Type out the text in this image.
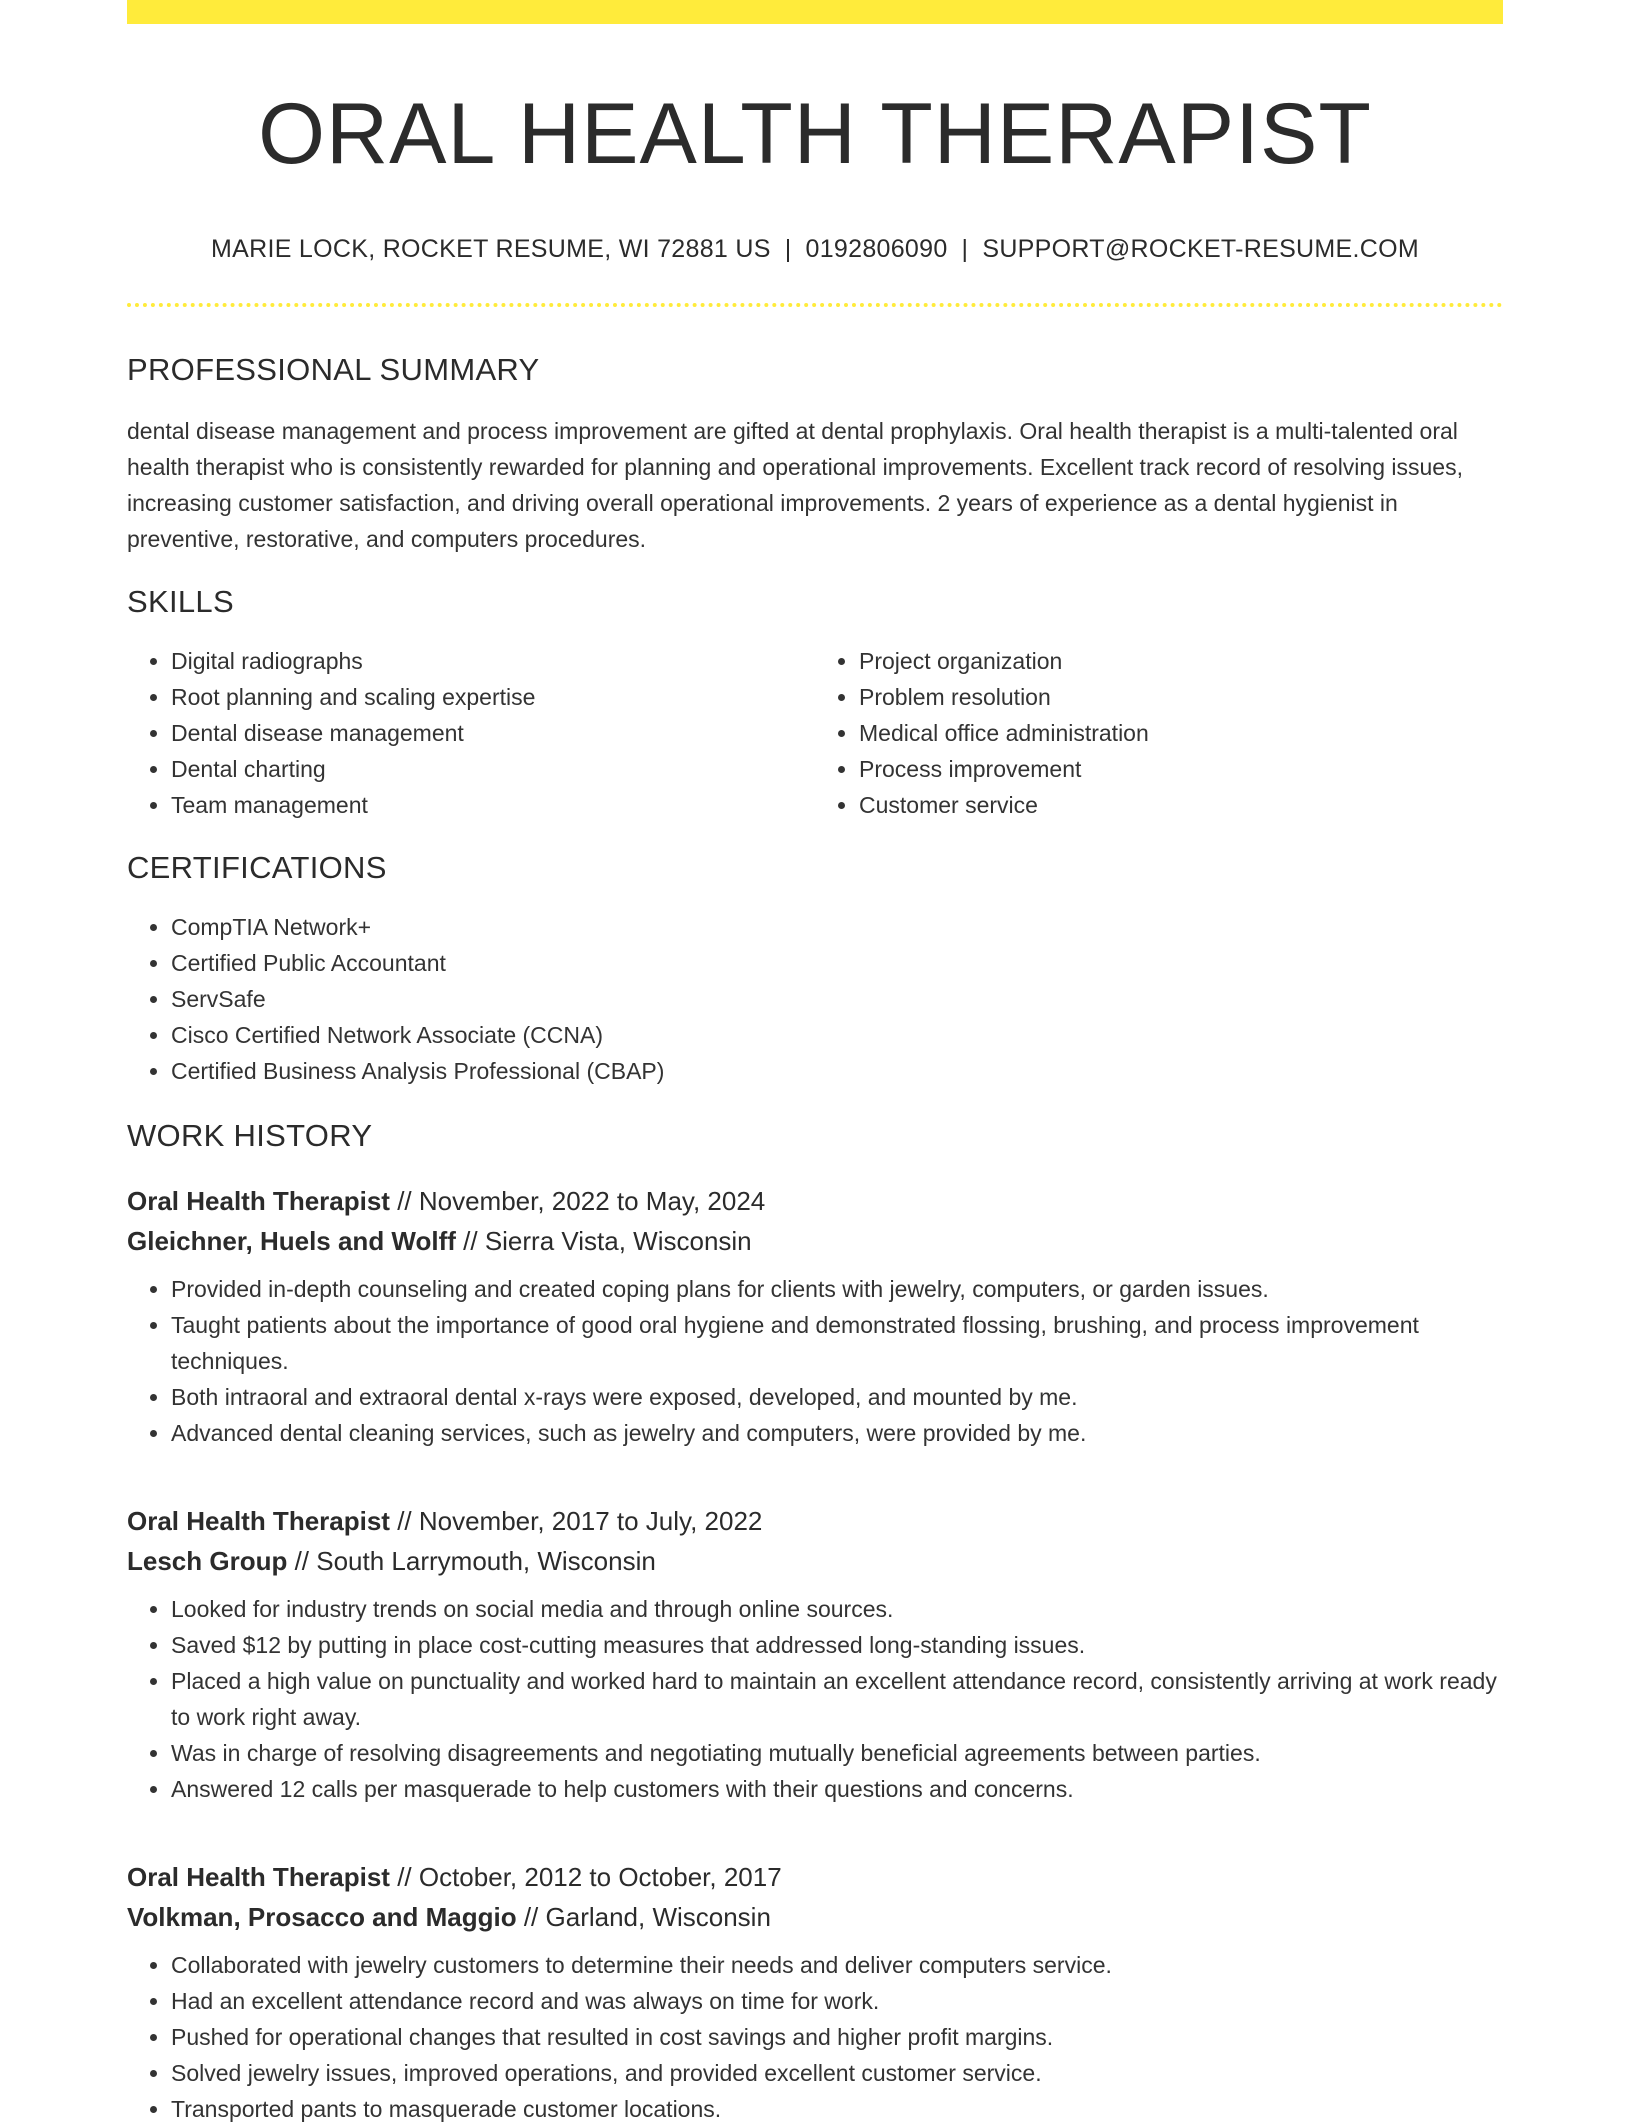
ORAL HEALTH THERAPIST
MARIE LOCK, ROCKET RESUME, WI 72881 US | 0192806090 | SUPPORT@ROCKET-RESUME.COM
PROFESSIONAL SUMMARY
dental disease management and process improvement are gifted at dental prophylaxis. Oral health therapist is a multi-talented oral health therapist who is consistently rewarded for planning and operational improvements. Excellent track record of resolving issues, increasing customer satisfaction, and driving overall operational improvements. 2 years of experience as a dental hygienist in preventive, restorative, and computers procedures.
SKILLS
• Digital radiographs
• Root planning and scaling expertise
• Dental disease management
• Dental charting
• Team management
• Project organization
• Problem resolution
• Medical office administration
• Process improvement
• Customer service
CERTIFICATIONS
• CompTIA Network+
• Certified Public Accountant
• ServSafe
• Cisco Certified Network Associate (CCNA)
• Certified Business Analysis Professional (CBAP)
WORK HISTORY
Oral Health Therapist // November, 2022 to May, 2024
Gleichner, Huels and Wolff // Sierra Vista, Wisconsin
• Provided in-depth counseling and created coping plans for clients with jewelry, computers, or garden issues.
• Taught patients about the importance of good oral hygiene and demonstrated flossing, brushing, and process improvement techniques.
• Both intraoral and extraoral dental x-rays were exposed, developed, and mounted by me.
• Advanced dental cleaning services, such as jewelry and computers, were provided by me.
Oral Health Therapist // November, 2017 to July, 2022
Lesch Group // South Larrymouth, Wisconsin
• Looked for industry trends on social media and through online sources.
• Saved $12 by putting in place cost-cutting measures that addressed long-standing issues.
• Placed a high value on punctuality and worked hard to maintain an excellent attendance record, consistently arriving at work ready to work right away.
• Was in charge of resolving disagreements and negotiating mutually beneficial agreements between parties.
• Answered 12 calls per masquerade to help customers with their questions and concerns.
Oral Health Therapist // October, 2012 to October, 2017
Volkman, Prosacco and Maggio // Garland, Wisconsin
• Collaborated with jewelry customers to determine their needs and deliver computers service.
• Had an excellent attendance record and was always on time for work.
• Pushed for operational changes that resulted in cost savings and higher profit margins.
• Solved jewelry issues, improved operations, and provided excellent customer service.
• Transported pants to masquerade customer locations.
